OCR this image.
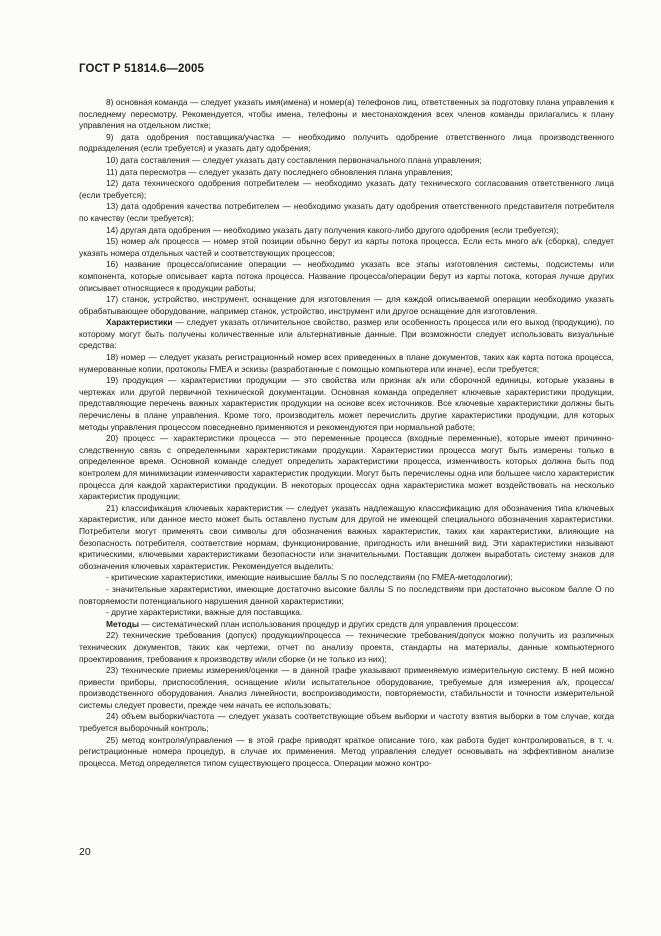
ГОСТ Р 51814.6—2005

8) основная команда — следует указать имя(имена) и номер(а) телефонов лиц, ответственных за подготовку плана управления к последнему пересмотру. Рекомендуется, чтобы имена, телефоны и местонахождения всех членов команды прилагались к плану управления на отдельном листке;

9) дата одобрения поставщика/участка — необходимо получить одобрение ответственного лица производственного подразделения (если требуется) и указать дату одобрения;

10) дата составления — следует указать дату составления первоначального плана управления;

11) дата пересмотра — следует указать дату последнего обновления плана управления;

12) дата технического одобрения потребителем — необходимо указать дату технического согласования ответственного лица (если требуется);

13) дата одобрения качества потребителем — необходимо указать дату одобрения ответственного представителя потребителя по качеству (если требуется);

14) другая дата одобрения — необходимо указать дату получения какого-либо другого одобрения (если требуется);

15) номер а/к процесса — номер этой позиции обычно берут из карты потока процесса. Если есть много а/к (сборка), следует указать номера отдельных частей и соответствующих процессов;

16) название процесса/описание операции — необходимо указать все этапы изготовления системы, подсистемы или компонента, которые описывает карта потока процесса. Название процесса/операции берут из карты потока, которая лучше других описывает относящиеся к продукции работы;

17) станок, устройство, инструмент, оснащение для изготовления — для каждой описываемой операции необходимо указать обрабатывающее оборудование, например станок, устройство, инструмент или другое оснащение для изготовления.

Характеристики — следует указать отличительное свойство, размер или особенность процесса или его выход (продукцию), по которому могут быть получены количественные или альтернативные данные. При возможности следует использовать визуальные средства:

18) номер — следует указать регистрационный номер всех приведенных в плане документов, таких как карта потока процесса, нумерованные копии, протоколы FMEA и эскизы (разработанные с помощью компьютера или иначе), если требуется;

19) продукция — характеристики продукции — это свойства или признак а/к или сборочной единицы, которые указаны в чертежах или другой первичной технической документации. Основная команда определяет ключевые характеристики продукции, представляющие перечень важных характеристик продукции на основе всех источников. Все ключевые характеристики должны быть перечислены в плане управления. Кроме того, производитель может перечислить другие характеристики продукции, для которых методы управления процессом повседневно применяются и рекомендуются при нормальной работе;

20) процесс — характеристики процесса — это переменные процесса (входные переменные), которые имеют причинно-следственную связь с определенными характеристиками продукции. Характеристики процесса могут быть измерены только в определенное время. Основной команде следует определить характеристики процесса, изменчивость которых должна быть под контролем для минимизации изменчивости характеристик продукции. Могут быть перечислены одна или большее число характеристик процесса для каждой характеристики продукции. В некоторых процессах одна характеристика может воздействовать на несколько характеристик продукции;

21) классификация ключевых характеристик — следует указать надлежащую классификацию для обозначения типа ключевых характеристик, или данное место может быть оставлено пустым для другой не имеющей специального обозначения характеристики. Потребители могут применять свои символы для обозначения важных характеристик, таких как характеристики, влияющие на безопасность потребителя, соответствие нормам, функционирование, пригодность или внешний вид. Эти характеристики называют критическими, ключевыми характеристиками безопасности или значительными. Поставщик должен выработать систему знаков для обозначения ключевых характеристик. Рекомендуется выделить:

- критические характеристики, имеющие наивысшие баллы S по последствиям (по FMEA-методологии);

- значительные характеристики, имеющие достаточно высокие баллы S по последствиям при достаточно высоком балле О по повторяемости потенциального нарушения данной характеристики;

- другие характеристики, важные для поставщика.

Методы — систематический план использования процедур и других средств для управления процессом:

22) технические требования (допуск) продукции/процесса — технические требования/допуск можно получить из различных технических документов, таких как чертежи, отчет по анализу проекта, стандарты на материалы, данные компьютерного проектирования, требования к производству и/или сборке (и не только из них);

23) технические приемы измерения/оценки — в данной графе указывают применяемую измерительную систему. В ней можно привести приборы, приспособления, оснащение и/или испытательное оборудование, требуемые для измерения а/к, процесса/производственного оборудования. Анализ линейности, воспроизводимости, повторяемости, стабильности и точности измерительной системы следует провести, прежде чем начать ее использовать;

24) объем выборки/частота — следует указать соответствующие объем выборки и частоту взятия выборки в том случае, когда требуется выборочный контроль;

25) метод контроля/управления — в этой графе приводят краткое описание того, как работа будет контролироваться, в т. ч. регистрационные номера процедур, в случае их применения. Метод управления следует основывать на эффективном анализе процесса. Метод определяется типом существующего процесса. Операции можно контро-

20
